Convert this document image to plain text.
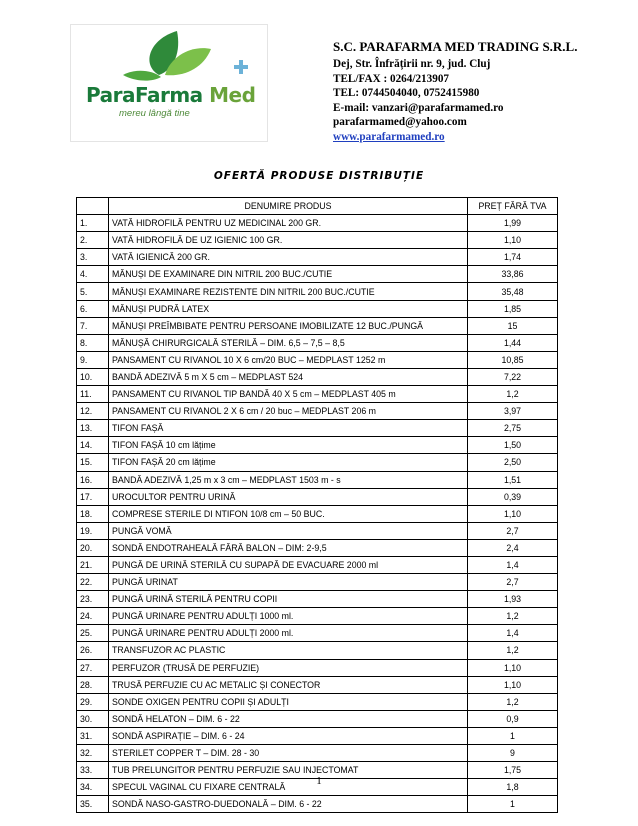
ParaFarma Med
mereu lângă tine
S.C. PARAFARMA MED TRADING S.R.L.
Dej, Str. Înfrățirii nr. 9, jud. Cluj
TEL/FAX : 0264/213907
TEL: 0744504040, 0752415980
E-mail: vanzari@parafarmamed.ro
parafarmamed@yahoo.com
www.parafarmamed.ro
OFERTĂ PRODUSE DISTRIBUȚIE
	DENUMIRE PRODUS	PREȚ FĂRĂ TVA
1.	VATĂ HIDROFILĂ PENTRU UZ MEDICINAL 200 GR.	1,99
2.	VATĂ HIDROFILĂ DE UZ IGIENIC 100 GR.	1,10
3.	VATĂ IGIENICĂ 200 GR.	1,74
4.	MĂNUȘI DE EXAMINARE DIN NITRIL 200 BUC./CUTIE	33,86
5.	MĂNUȘI EXAMINARE REZISTENTE DIN NITRIL 200 BUC./CUTIE	35,48
6.	MĂNUȘI PUDRĂ LATEX	1,85
7.	MĂNUȘI PREÎMBIBATE PENTRU PERSOANE IMOBILIZATE 12 BUC./PUNGĂ	15
8.	MĂNUȘĂ CHIRURGICALĂ STERILĂ – DIM. 6,5 – 7,5 – 8,5	1,44
9.	PANSAMENT CU RIVANOL 10 X 6 cm/20 BUC – MEDPLAST 1252 m	10,85
10.	BANDĂ ADEZIVĂ 5 m X 5 cm – MEDPLAST 524	7,22
11.	PANSAMENT CU RIVANOL TIP BANDĂ 40 X 5 cm – MEDPLAST 405 m	1,2
12.	PANSAMENT CU RIVANOL 2 X 6 cm / 20 buc – MEDPLAST 206 m	3,97
13.	TIFON FAȘĂ	2,75
14.	TIFON FAȘĂ 10 cm lățime	1,50
15.	TIFON FAȘĂ 20 cm lățime	2,50
16.	BANDĂ ADEZIVĂ 1,25 m x 3 cm – MEDPLAST 1503 m - s	1,51
17.	UROCULTOR PENTRU URINĂ	0,39
18.	COMPRESE STERILE DI NTIFON 10/8 cm – 50 BUC.	1,10
19.	PUNGĂ VOMĂ	2,7
20.	SONDĂ ENDOTRAHEALĂ FĂRĂ BALON – DIM: 2-9,5	2,4
21.	PUNGĂ DE URINĂ STERILĂ CU SUPAPĂ DE EVACUARE 2000 ml	1,4
22.	PUNGĂ URINAT	2,7
23.	PUNGĂ URINĂ STERILĂ PENTRU COPII	1,93
24.	PUNGĂ URINARE PENTRU ADULȚI 1000 ml.	1,2
25.	PUNGĂ URINARE PENTRU ADULȚI 2000 ml.	1,4
26.	TRANSFUZOR AC PLASTIC	1,2
27.	PERFUZOR (TRUSĂ DE PERFUZIE)	1,10
28.	TRUSĂ PERFUZIE CU AC METALIC ȘI CONECTOR	1,10
29.	SONDE OXIGEN PENTRU COPII ȘI ADULȚI	1,2
30.	SONDĂ HELATON – DIM. 6 - 22	0,9
31.	SONDĂ ASPIRAȚIE – DIM. 6 - 24	1
32.	STERILET COPPER T – DIM. 28 - 30	9
33.	TUB PRELUNGITOR PENTRU PERFUZIE SAU INJECTOMAT	1,75
34.	SPECUL VAGINAL CU FIXARE CENTRALĂ	1,8
35.	SONDĂ NASO-GASTRO-DUEDONALĂ – DIM. 6 - 22	1
1
